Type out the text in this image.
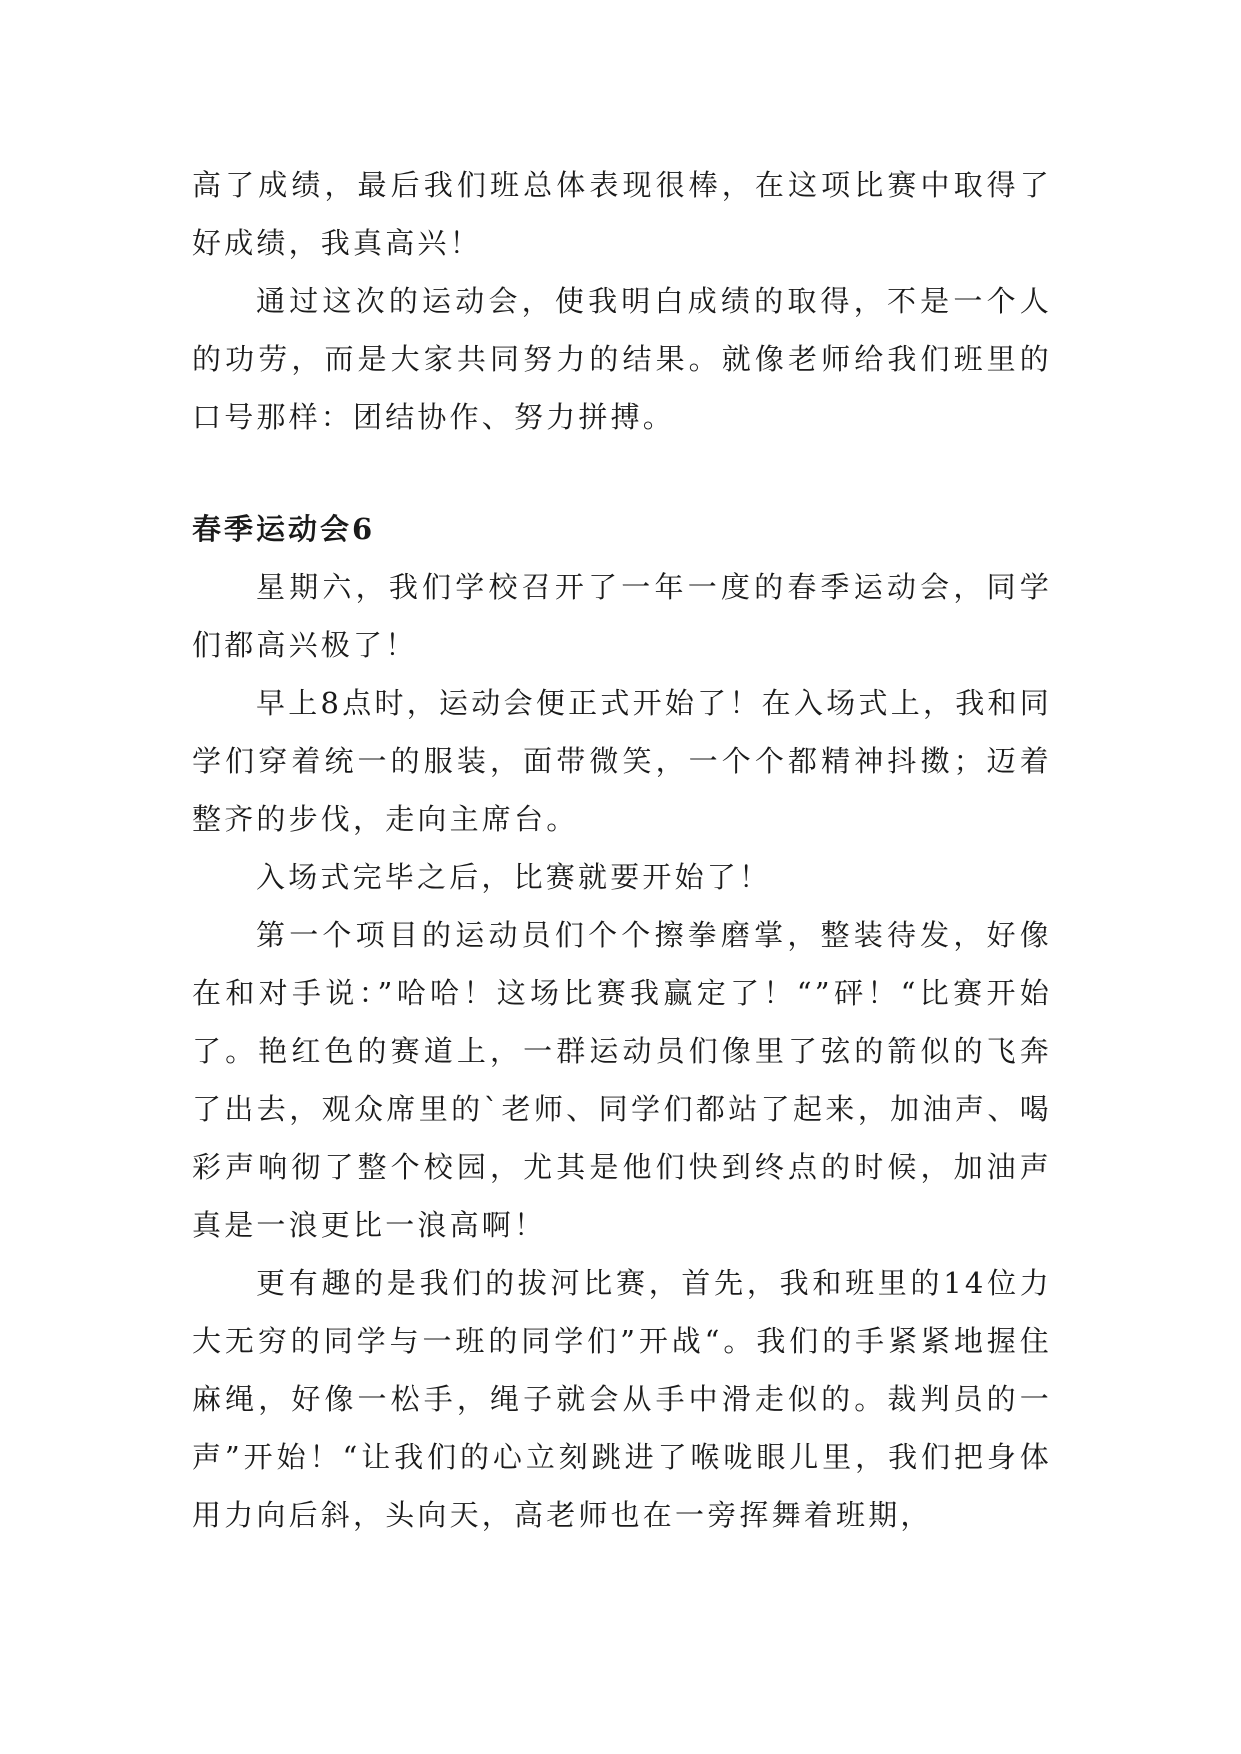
高了成绩，最后我们班总体表现很棒，在这项比赛中取得了好成绩，我真高兴！

通过这次的运动会，使我明白成绩的取得，不是一个人的功劳，而是大家共同努力的结果。就像老师给我们班里的口号那样：团结协作、努力拼搏。

春季运动会6

星期六，我们学校召开了一年一度的春季运动会，同学们都高兴极了！

早上8点时，运动会便正式开始了！在入场式上，我和同学们穿着统一的服装，面带微笑，一个个都精神抖擞；迈着整齐的步伐，走向主席台。

入场式完毕之后，比赛就要开始了！

第一个项目的运动员们个个擦拳磨掌，整装待发，好像在和对手说：”哈哈！这场比赛我赢定了！“”砰！“比赛开始了。艳红色的赛道上，一群运动员们像里了弦的箭似的飞奔了出去，观众席里的`老师、同学们都站了起来，加油声、喝彩声响彻了整个校园，尤其是他们快到终点的时候，加油声真是一浪更比一浪高啊！

更有趣的是我们的拔河比赛，首先，我和班里的14位力大无穷的同学与一班的同学们”开战“。我们的手紧紧地握住麻绳，好像一松手，绳子就会从手中滑走似的。裁判员的一声”开始！“让我们的心立刻跳进了喉咙眼儿里，我们把身体用力向后斜，头向天，高老师也在一旁挥舞着班期，
